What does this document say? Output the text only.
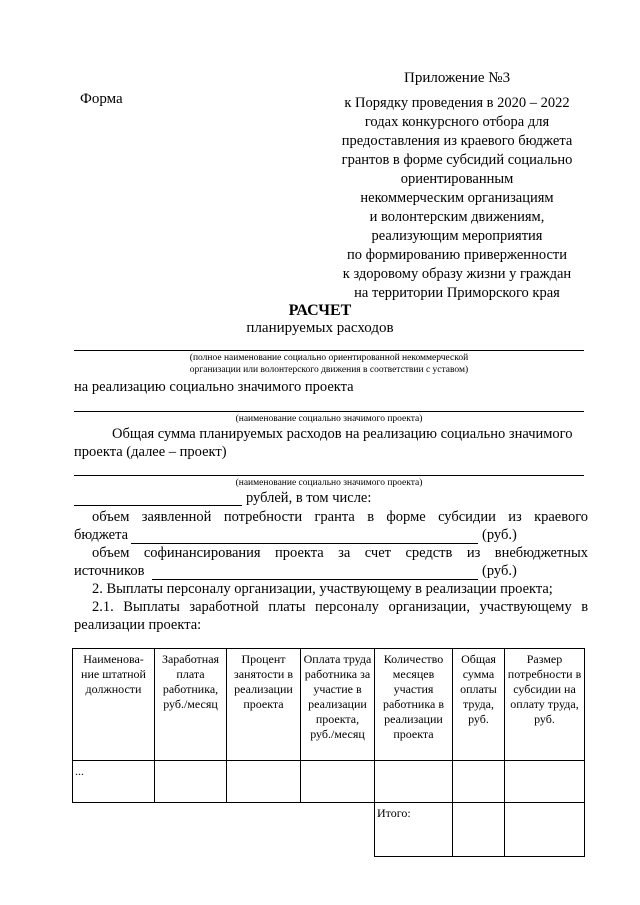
Форма
Приложение №3
к Порядку проведения в 2020 – 2022
годах конкурсного отбора для
предоставления из краевого бюджета
грантов в форме субсидий социально
ориентированным
некоммерческим организациям
и волонтерским движениям,
реализующим мероприятия
по формированию приверженности
к здоровому образу жизни у граждан
на территории Приморского края
РАСЧЕТ
планируемых расходов
(полное наименование социально ориентированной некоммерческой
организации или волонтерского движения в соответствии с уставом)
на реализацию социально значимого проекта
(наименование социально значимого проекта)
Общая сумма планируемых расходов на реализацию социально значимого
проекта (далее – проект)
(наименование социально значимого проекта)
рублей, в том числе:
объем заявленной потребности гранта в форме субсидии из краевого
бюджета	(руб.)
объем софинансирования проекта за счет средств из внебюджетных
источников	(руб.)
2. Выплаты персоналу организации, участвующему в реализации проекта;
2.1. Выплаты заработной платы персоналу организации, участвующему в
реализации проекта:
Наименова-ние штатной должности	Заработная плата работника, руб./месяц	Процент занятости в реализации проекта	Оплата труда работника за участие в реализации проекта, руб./месяц	Количество месяцев участия работника в реализации проекта	Общая сумма оплаты труда, руб.	Размер потребности в субсидии на оплату труда, руб.
...						
				Итого:		
